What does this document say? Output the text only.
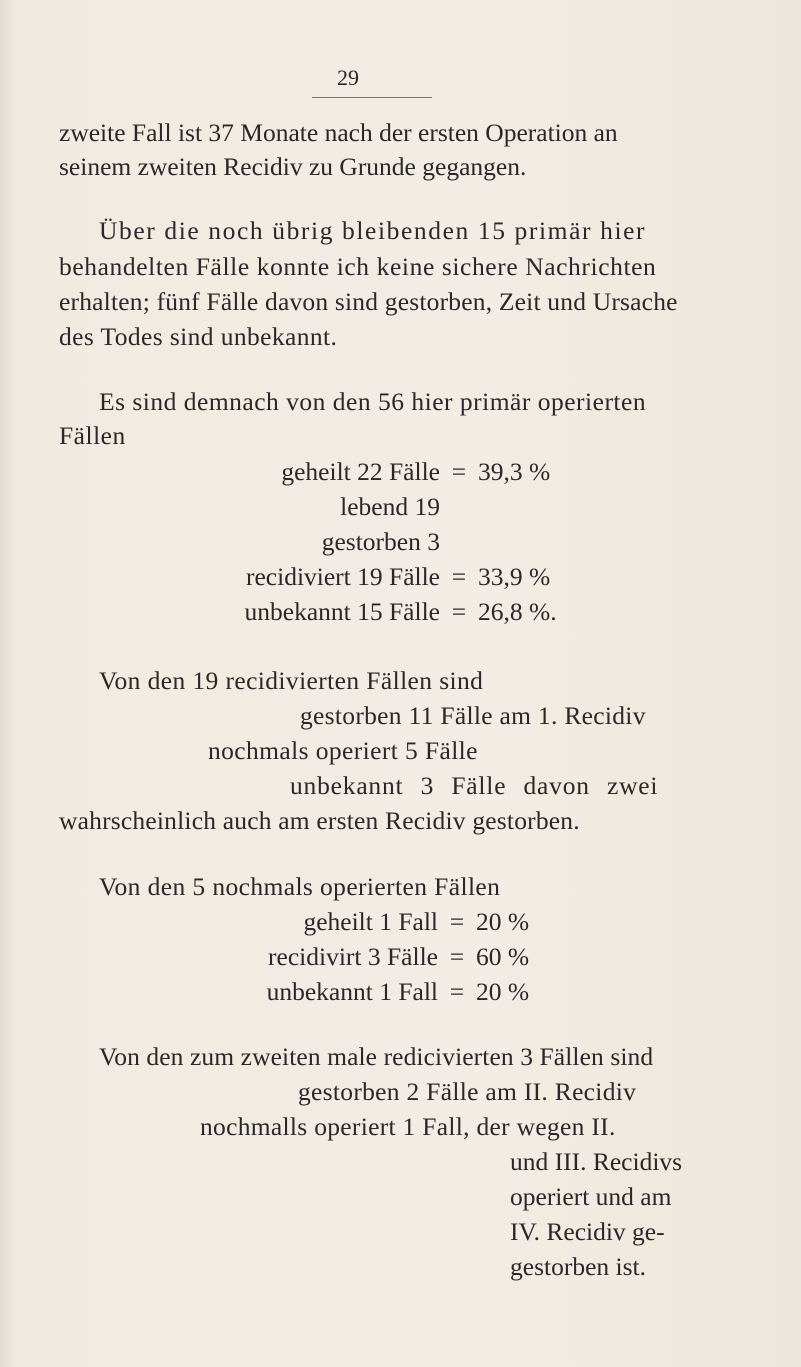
29
zweite Fall ist 37 Monate nach der ersten Operation an
seinem zweiten Recidiv zu Grunde gegangen.
Über die noch übrig bleibenden 15 primär hier
behandelten Fälle konnte ich keine sichere Nachrichten
erhalten; fünf Fälle davon sind gestorben, Zeit und Ursache
des Todes sind unbekannt.
Es sind demnach von den 56 hier primär operierten
Fällen
geheilt 22 Fälle = 39,3 %
lebend 19
gestorben 3
recidiviert 19 Fälle = 33,9 %
unbekannt 15 Fälle = 26,8 %.
Von den 19 recidivierten Fällen sind
gestorben 11 Fälle am 1. Recidiv
nochmals operiert 5 Fälle
unbekannt 3 Fälle davon zwei
wahrscheinlich auch am ersten Recidiv gestorben.
Von den 5 nochmals operierten Fällen
geheilt 1 Fall = 20 %
recidivirt 3 Fälle = 60 %
unbekannt 1 Fall = 20 %
Von den zum zweiten male redicivierten 3 Fällen sind
gestorben 2 Fälle am II. Recidiv
nochmalls operiert 1 Fall, der wegen II.
und III. Recidivs
operiert und am
IV. Recidiv ge-
gestorben ist.
